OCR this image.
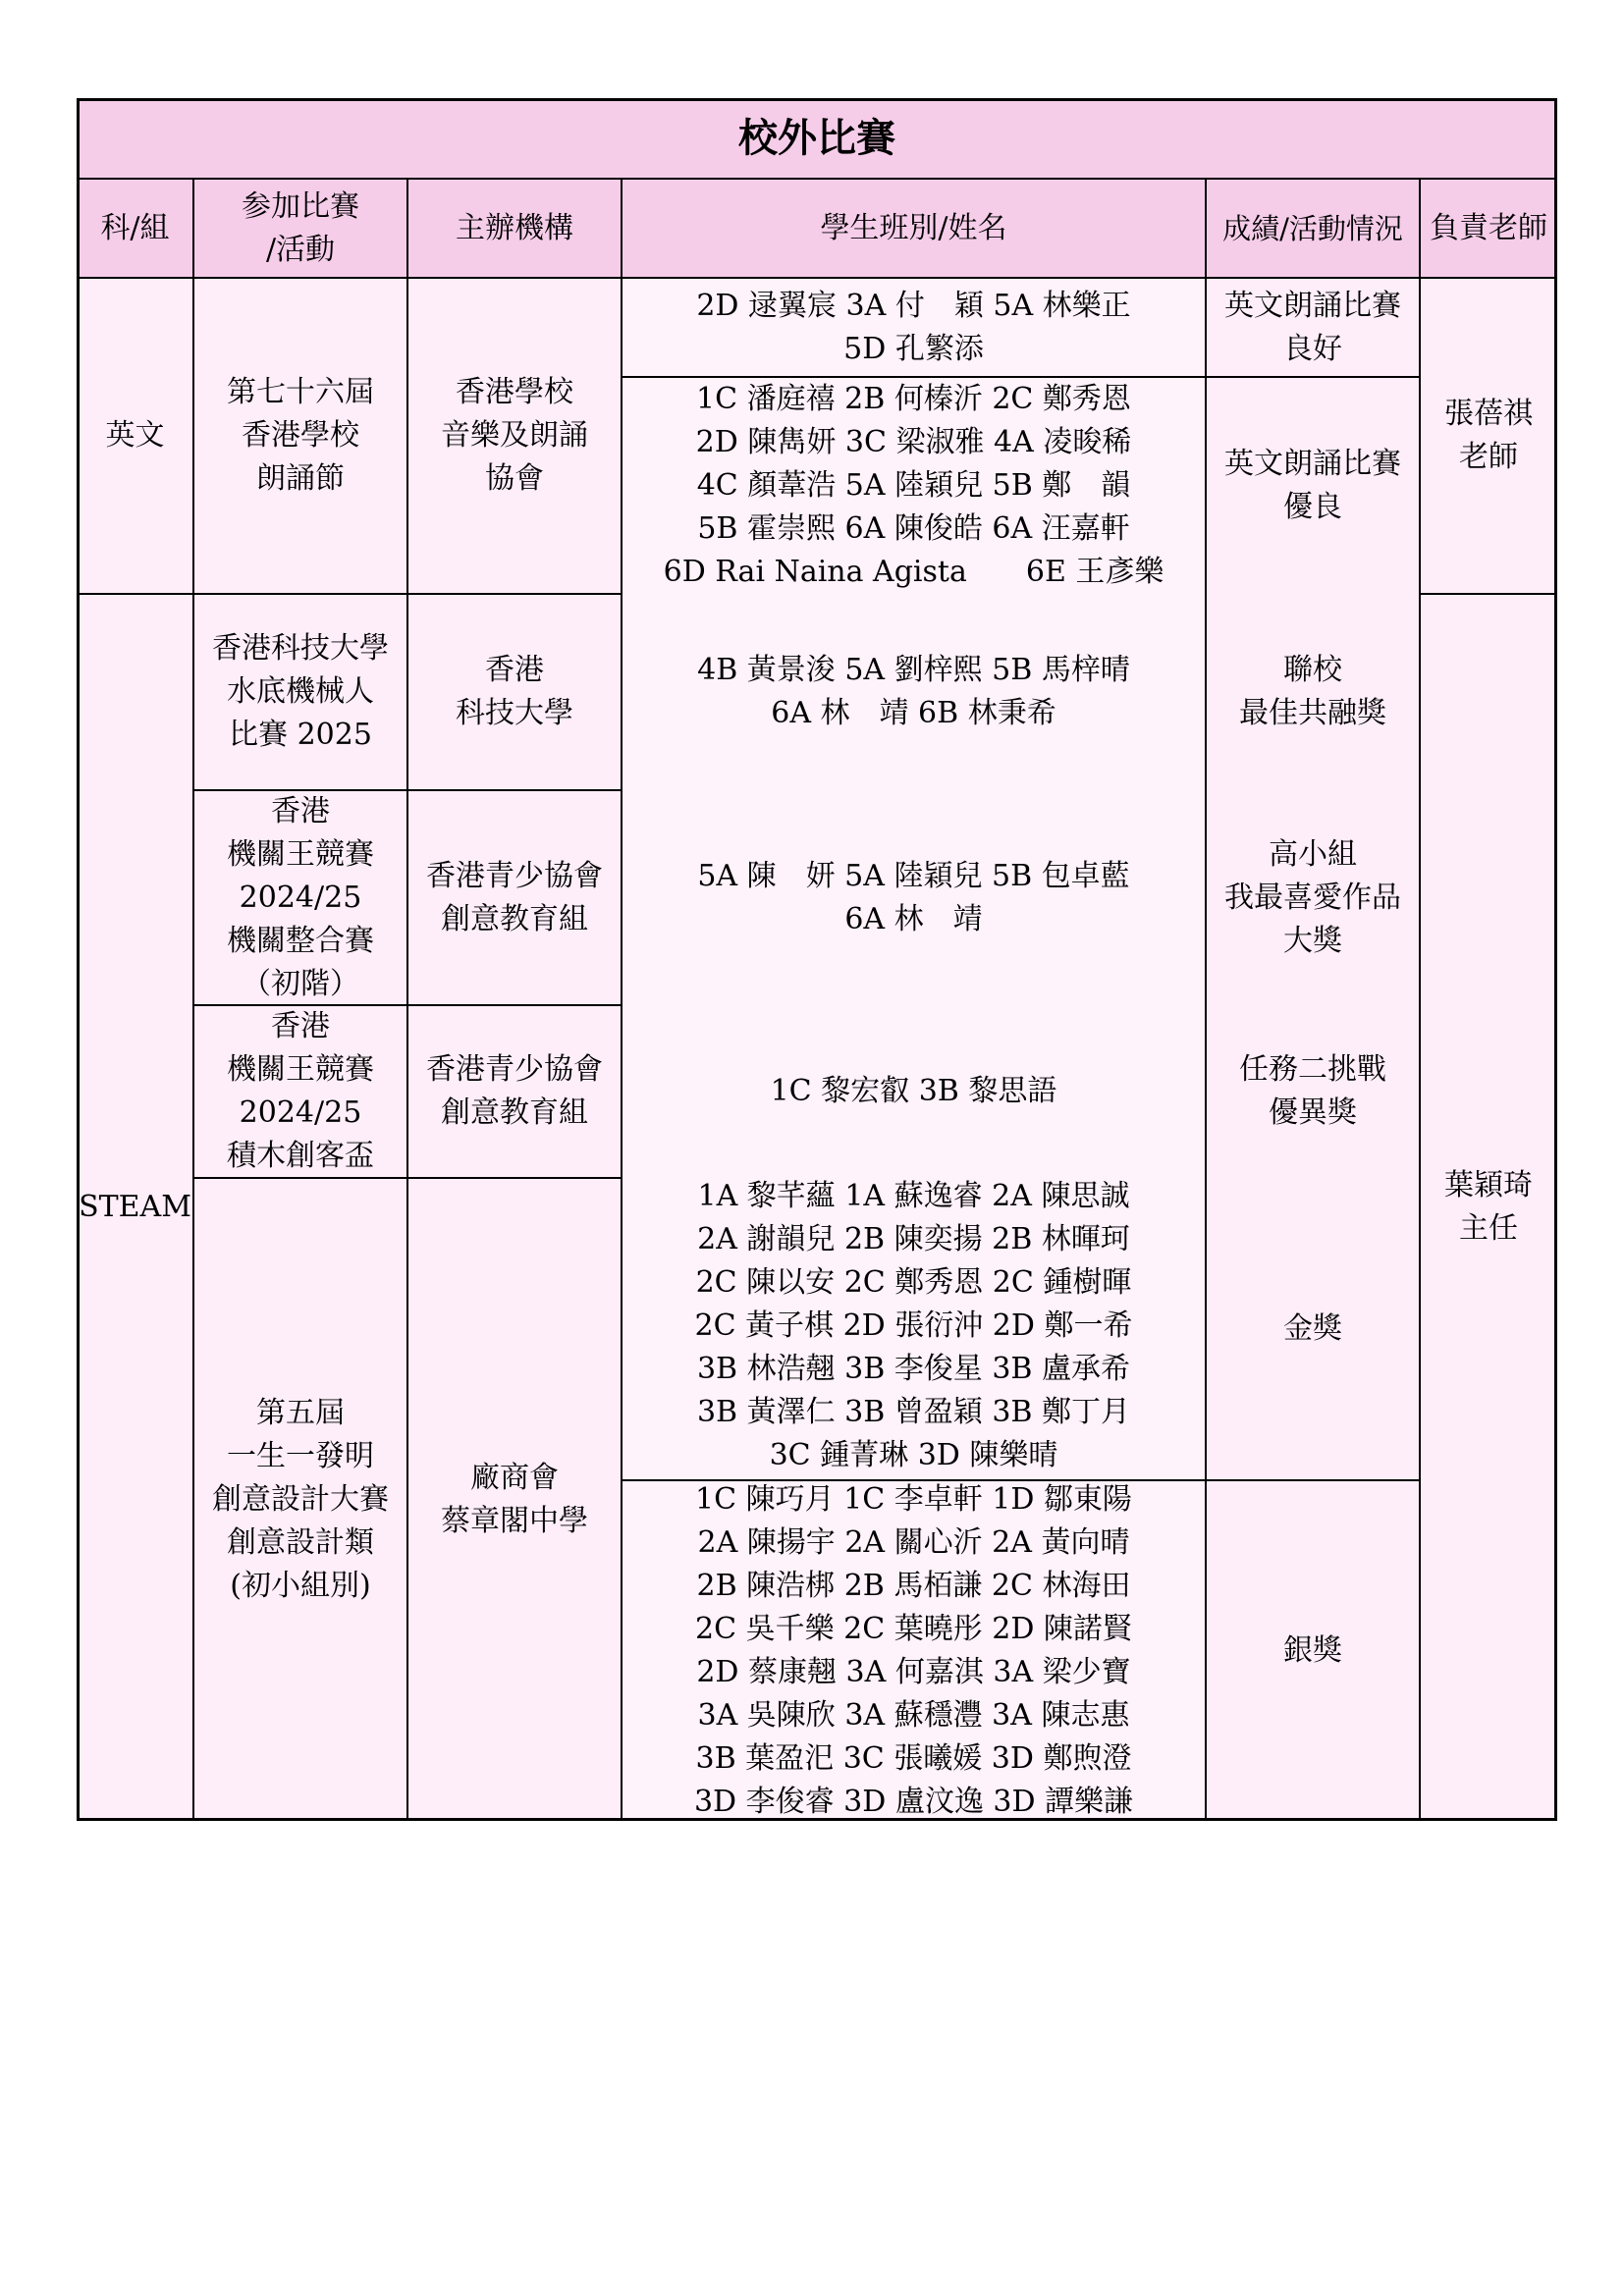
校外比賽
科/組
参加比賽
/活動
主辦機構	學生班別/姓名	成績/活動情況 負責老師
英文
STEAM
第七十六屆
香港學校
朗誦節
香港科技大學
水底機械人
比賽 2025
香港
機關王競賽
2024/25
機關整合賽
（初階）
香港
機關王競賽
2024/25
積木創客盃
第五屆
一生一發明
創意設計大賽
創意設計類
(初小組別)
香港學校
音樂及朗誦
協會
香港
科技大學
香港青少協會
創意教育組
香港青少協會
創意教育組
廠商會
蔡章閣中學
2D 逯翼宸 3A 付　穎 5A 林樂正
5D 孔繁添
1C 潘庭禧 2B 何榛沂 2C 鄭秀恩
2D 陳雋妍 3C 梁淑雅 4A 凌晙稀
4C 顏葦浩 5A 陸穎兒 5B 鄭　韻
5B 霍崇熙 6A 陳俊皓 6A 汪嘉軒
6D Rai Naina Agista　　6E 王彥樂
4B 黃景浚 5A 劉梓熙 5B 馬梓晴
6A 林　靖 6B 林秉希
5A 陳　妍 5A 陸穎兒 5B 包卓藍
6A 林　靖
1C 黎宏叡 3B 黎思語
1A 黎芊蘊 1A 蘇逸睿 2A 陳思誠
2A 謝韻兒 2B 陳奕揚 2B 林暉珂
2C 陳以安 2C 鄭秀恩 2C 鍾樹暉
2C 黃子棋 2D 張衍沖 2D 鄭一希
3B 林浩翹 3B 李俊星 3B 盧承希
3B 黃澤仁 3B 曾盈穎 3B 鄭丁月
3C 鍾菁琳 3D 陳樂晴
1C 陳巧月 1C 李卓軒 1D 鄒東陽
2A 陳揚宇 2A 關心沂 2A 黃向晴
2B 陳浩梆 2B 馬栢謙 2C 林海田
2C 吳千樂 2C 葉曉彤 2D 陳諾賢
2D 蔡康翹 3A 何嘉淇 3A 梁少寶
3A 吳陳欣 3A 蘇穩灃 3A 陳志惠
3B 葉盈汜 3C 張曦媛 3D 鄭煦澄
3D 李俊睿 3D 盧汶逸 3D 譚樂謙
英文朗誦比賽
良好
英文朗誦比賽
優良
聯校
最佳共融獎
高小組
我最喜愛作品
大獎
任務二挑戰
優異獎
金獎
銀獎
張蓓祺
老師
葉穎琦
主任
